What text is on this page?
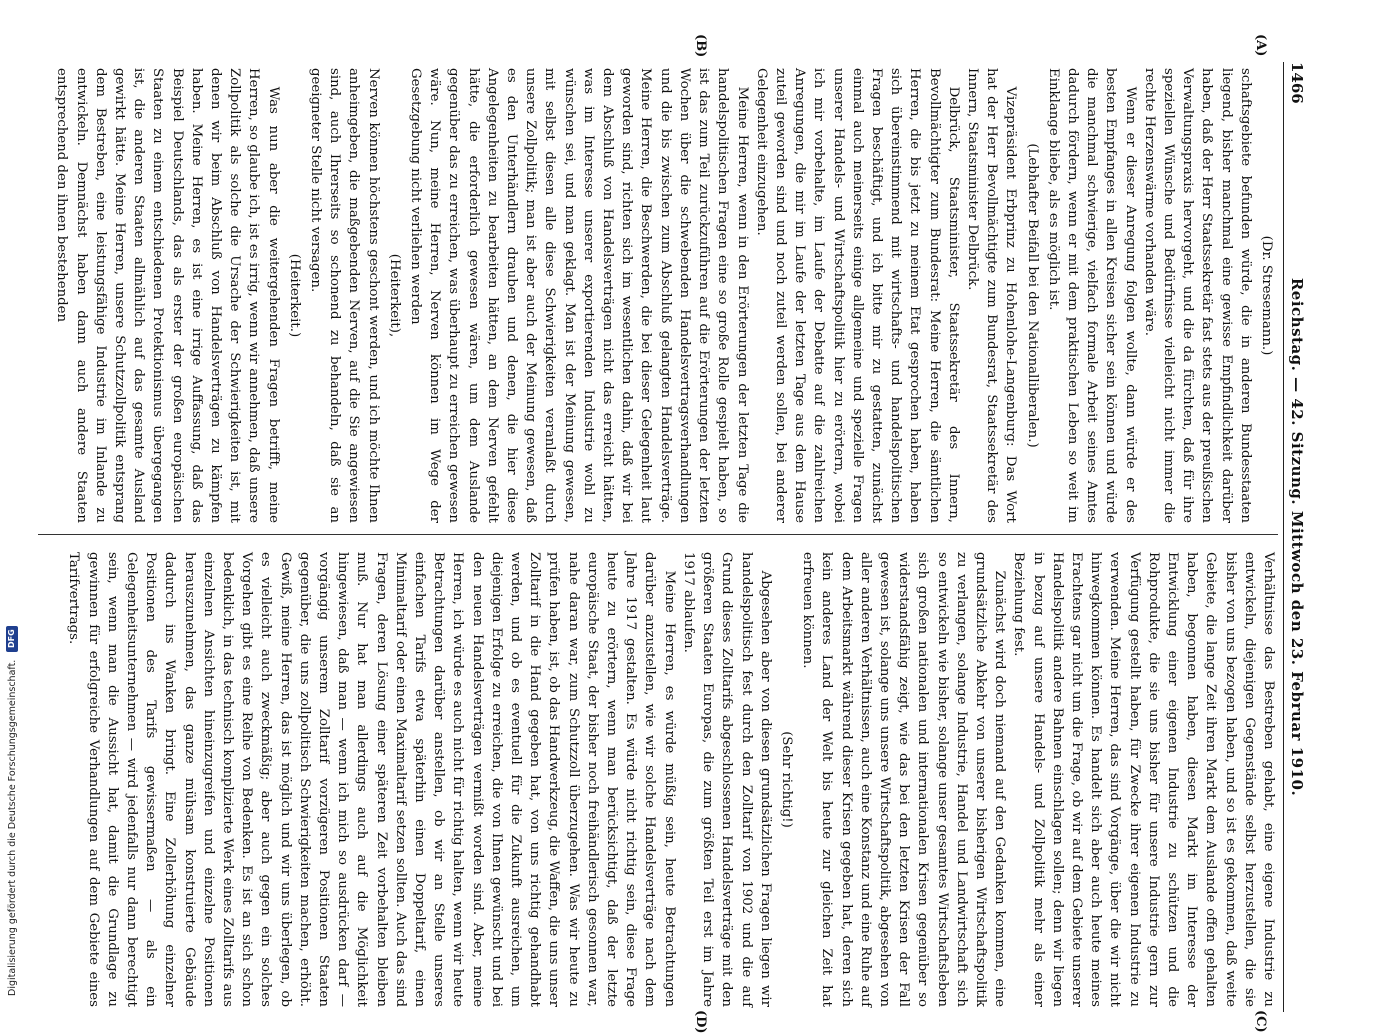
1466
Reichstag. — 42. Sitzung. Mittwoch den 23. Februar 1910.
(A)
(B)
(C)
(D)

(Dr. Stresemann.)

schaftsgebiete befunden würde, die in anderen Bundesstaaten liegend, bisher manchmal eine gewisse Empfindlichkeit darüber haben, daß der Herr Staatssekretär fast stets aus der preußischen Verwaltungspraxis hervorgeht, und die da fürchten, daß für ihre speziellen Wünsche und Bedürfnisse vielleicht nicht immer die rechte Herzenswärme vorhanden wäre.

Wenn er dieser Anregung folgen wollte, dann würde er des besten Empfanges in allen Kreisen sicher sein können und würde die manchmal schwierige, vielfach formale Arbeit seines Amtes dadurch fördern, wenn er mit dem praktischen Leben so weit im Einklange bliebe, als es möglich ist.

(Lebhafter Beifall bei den Nationalliberalen.)

Vizepräsident Erbprinz zu Hohenlohe-Langenburg: Das Wort hat der Herr Bevollmächtigte zum Bundesrat, Staatssekretär des Innern, Staatsminister Delbrück.

Delbrück, Staatsminister, Staatssekretär des Innern, Bevollmächtigter zum Bundesrat: Meine Herren, die sämtlichen Herren, die bis jetzt zu meinem Etat gesprochen haben, haben sich übereinstimmend mit wirtschafts- und handelspolitischen Fragen beschäftigt, und ich bitte mir zu gestatten, zunächst einmal auch meinerseits einige allgemeine und spezielle Fragen unserer Handels- und Wirtschaftspolitik hier zu erörtern, wobei ich mir vorbehalte, im Laufe der Debatte auf die zahlreichen Anregungen, die mir im Laufe der letzten Tage aus dem Hause zuteil geworden sind und noch zuteil werden sollen, bei anderer Gelegenheit einzugehen.

Meine Herren, wenn in den Erörterungen der letzten Tage die handelspolitischen Fragen eine so große Rolle gespielt haben, so ist das zum Teil zurückzuführen auf die Erörterungen der letzten Wochen über die schwebenden Handelsvertragsverhandlungen und die bis zwischen zum Abschluß gelangten Handelsverträge. Meine Herren, die Beschwerden, die bei dieser Gelegenheit laut geworden sind, richten sich im wesentlichen dahin, daß wir bei dem Abschluß von Handelsverträgen nicht das erreicht hätten, was im Interesse unserer exportierenden Industrie wohl zu wünschen sei, und man geklagt. Man ist der Meinung gewesen, mit selbst diesen alle diese Schwierigkeiten veranlaßt durch unsere Zollpolitik; man ist aber auch der Meinung gewesen, daß es den Unterhändlern drauben und denen, die hier diese Angelegenheiten zu bearbeiten hätten, an dem Nerven gefehlt hätte, die erforderlich gewesen wären, um dem Auslande gegenüber das zu erreichen, was überhaupt zu erreichen gewesen wäre. Nun, meine Herren, Nerven können im Wege der Gesetzgebung nicht verliehen werden

(Heiterkeit),

Nerven können höchstens geschont werden, und ich möchte Ihnen anheimgeben, die maßgebenden Nerven, auf die Sie angewiesen sind, auch Ihrerseits so schonend zu behandeln, daß sie an geeigneter Stelle nicht versagen.

(Heiterkeit.)

Was nun aber die weitergehenden Fragen betrifft, meine Herren, so glaube ich, ist es irrig, wenn wir annehmen, daß unsere Zollpolitik als solche die Ursache der Schwierigkeiten ist, mit denen wir beim Abschluß von Handelsverträgen zu kämpfen haben. Meine Herren, es ist eine irrige Auffassung, daß das Beispiel Deutschlands, das als erster der großen europäischen Staaten zu einem entschiedenen Protektionismus übergegangen ist, die anderen Staaten allmählich auf das gesamte Ausland gewirkt hätte. Meine Herren, unsere Schutzzollpolitik entsprang dem Bestreben, eine leistungsfähige Industrie im Inlande zu entwickeln. Demnächst haben dann auch andere Staaten entsprechend den ihnen bestehenden

Verhältnisse das Bestreben gehabt, eine eigene Industrie zu entwickeln, diejenigen Gegenstände selbst herzustellen, die sie bisher von uns bezogen haben, und so ist es gekommen, daß weite Gebiete, die lange Zeit ihren Markt dem Auslande offen gehalten haben, begonnen haben, diesen Markt im Interesse der Entwicklung einer eigenen Industrie zu schützen und die Rohprodukte, die sie uns bisher für unsere Industrie gern zur Verfügung gestellt haben, für Zwecke ihrer eigenen Industrie zu verwenden. Meine Herren, das sind Vorgänge, über die wir nicht hinwegkommen können. Es handelt sich aber auch heute meines Erachtens gar nicht um die Frage, ob wir auf dem Gebiete unserer Handelspolitik andere Bahnen einschlagen sollen; denn wir liegen in bezug auf unsere Handels- und Zollpolitik mehr als einer Beziehung fest.

Zunächst wird doch niemand auf den Gedanken kommen, eine grundsätzliche Abkehr von unserer bisherigen Wirtschaftspolitik zu verlangen, solange Industrie, Handel und Landwirtschaft sich so entwickeln wie bisher, solange unser gesamtes Wirtschaftsleben sich großen nationalen und internationalen Krisen gegenüber so widerstandsfähig zeigt, wie das bei den letzten Krisen der Fall gewesen ist, solange uns unsere Wirtschaftspolitik, abgesehen von aller anderen Verhältnissen, auch eine Konstanz und eine Ruhe auf dem Arbeitsmarkt während dieser Krisen gegeben hat, deren sich kein anderes Land der Welt bis heute zur gleichen Zeit hat erfreuen können.

(Sehr richtig!)

Abgesehen aber von diesen grundsätzlichen Fragen liegen wir handelspolitisch fest durch den Zolltarif von 1902 und die auf Grund dieses Zolltarifs abgeschlossenen Handelsverträge mit den größeren Staaten Europas, die zum größten Teil erst im Jahre 1917 ablaufen.

Meine Herren, es würde müßig sein, heute Betrachtungen darüber anzustellen, wie wir solche Handelsverträge nach dem Jahre 1917 gestalten. Es würde nicht richtig sein, diese Frage heute zu erörtern, wenn man berücksichtigt, daß der letzte europäische Staat, der bisher noch freihändlerisch gesonnen war, nahe daran war, zum Schutzzoll überzugehen. Was wir heute zu prüfen haben, ist, ob das Handwerkzeug, die Waffen, die uns unser Zolltarif in die Hand gegeben hat, von uns richtig gehandhabt werden, und ob es eventuell für die Zukunft ausreichen, um diejenigen Erfolge zu erreichen, die von Ihnen gewünscht und bei den neuen Handelsverträgen vermißt worden sind. Aber, meine Herren, ich würde es auch nicht für richtig halten, wenn wir heute Betrachtungen darüber anstellen, ob wir an Stelle unseres einfachen Tarifs etwa späterhin einen Doppeltarif, einen Minimaltarif oder einen Maximaltarif setzen sollten. Auch das sind Fragen, deren Lösung einer späteren Zeit vorbehalten bleiben muß. Nur hat man allerdings auch auf die Möglichkeit hingewiesen, daß man — wenn ich mich so ausdrücken darf — vorgängig unserem Zolltarif vorzügeren Positionen Staaten gegenüber, die uns zollpolitisch Schwierigkeiten machen, erhöht. Gewiß, meine Herren, das ist möglich und wir uns überlegen, ob es vielleicht auch zweckmäßig; aber auch gegen ein solches Vorgehen gibt es eine Reihe von Bedenken. Es ist an sich schon bedenklich, in das technisch komplizierte Werk eines Zolltarifs aus einzelnen Ansichten hineinzugreifen und einzelne Positionen herauszunehmen, das ganze mühsam konstruierte Gebäude dadurch ins Wanken bringt. Eine Zollerhöhung einzelner Positionen des Tarifs gewissermaßen — als ein Gelegenheitsunternehmen — wird jedenfalls nur dann berechtigt sein, wenn man die Aussicht hat, damit die Grundlage zu gewinnen für erfolgreiche Verhandlungen auf dem Gebiete eines Tarifvertrags.

Digitalisierung gefördert durch die Deutsche Forschungsgemeinschaft.
DFG
